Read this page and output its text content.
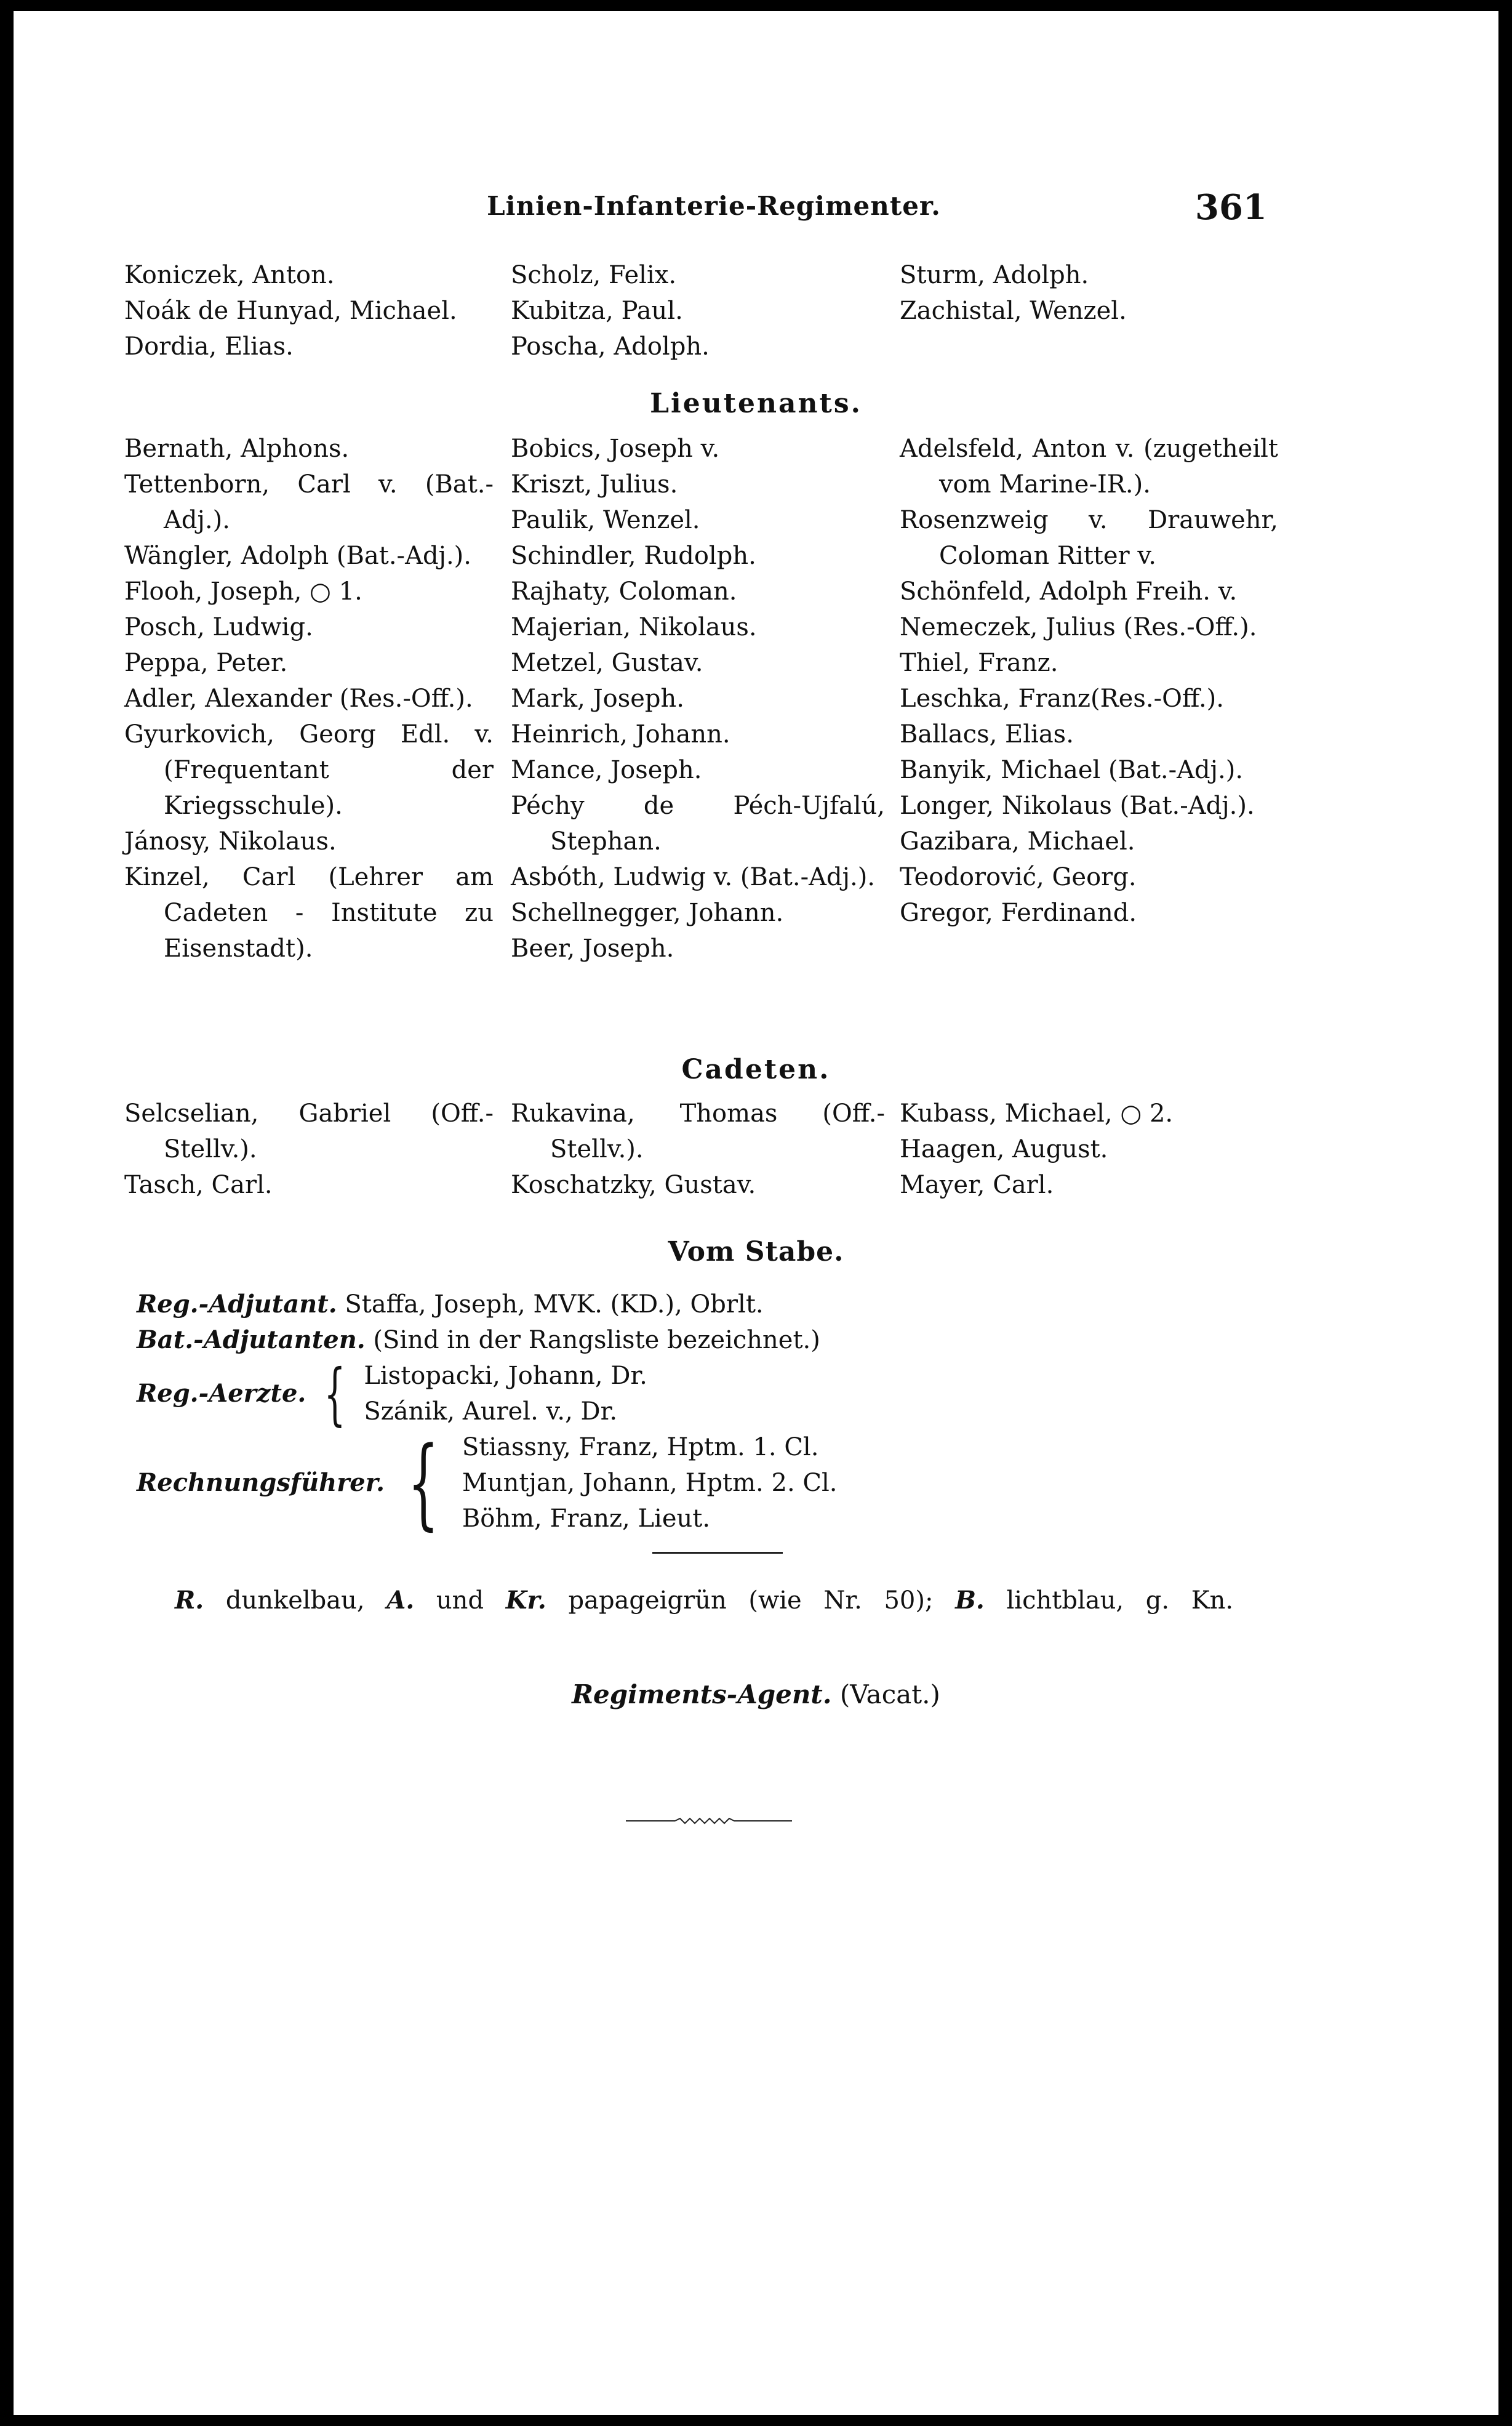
Linien-Infanterie-Regimenter.	361

Koniczek, Anton.

Noák de Hunyad, Michael.

Dordia, Elias.

Scholz, Felix.

Kubitza, Paul.

Poscha, Adolph.

Sturm, Adolph.

Zachistal, Wenzel.

Lieutenants.

Bernath, Alphons.

Tettenborn, Carl v. (Bat.-Adj.).

Wängler, Adolph (Bat.-Adj.).

Flooh, Joseph, ○ 1.

Posch, Ludwig.

Peppa, Peter.

Adler, Alexander (Res.-Off.).

Gyurkovich, Georg Edl. v. (Frequentant der Kriegsschule).

Jánosy, Nikolaus.

Kinzel, Carl (Lehrer am Cadeten - Institute zu Eisenstadt).

Bobics, Joseph v.

Kriszt, Julius.

Paulik, Wenzel.

Schindler, Rudolph.

Rajhaty, Coloman.

Majerian, Nikolaus.

Metzel, Gustav.

Mark, Joseph.

Heinrich, Johann.

Mance, Joseph.

Péchy de Péch-Ujfalú, Stephan.

Asbóth, Ludwig v. (Bat.-Adj.).

Schellnegger, Johann.

Beer, Joseph.

Adelsfeld, Anton v. (zugetheilt vom Marine-IR.).

Rosenzweig v. Drauwehr, Coloman Ritter v.

Schönfeld, Adolph Freih. v.

Nemeczek, Julius (Res.-Off.).

Thiel, Franz.

Leschka, Franz(Res.-Off.).

Ballacs, Elias.

Banyik, Michael (Bat.-Adj.).

Longer, Nikolaus (Bat.-Adj.).

Gazibara, Michael.

Teodorović, Georg.

Gregor, Ferdinand.

Cadeten.

Selcselian, Gabriel (Off.-Stellv.).

Tasch, Carl.

Rukavina, Thomas (Off.-Stellv.).

Koschatzky, Gustav.

Kubass, Michael, ○ 2.

Haagen, August.

Mayer, Carl.

Vom Stabe.
Reg.-Adjutant. Staffa, Joseph, MVK. (KD.), Obrlt.
Bat.-Adjutanten. (Sind in der Rangsliste bezeichnet.)
Reg.-Aerzte. { Listopacki, Johann, Dr.
Szánik, Aurel. v., Dr.
Rechnungsführer. { Stiassny, Franz, Hptm. 1. Cl.
Muntjan, Johann, Hptm. 2. Cl.
Böhm, Franz, Lieut.
R. dunkelbau, A. und Kr. papageigrün (wie Nr. 50); B. lichtblau, g. Kn.
Regiments-Agent. (Vacat.)
